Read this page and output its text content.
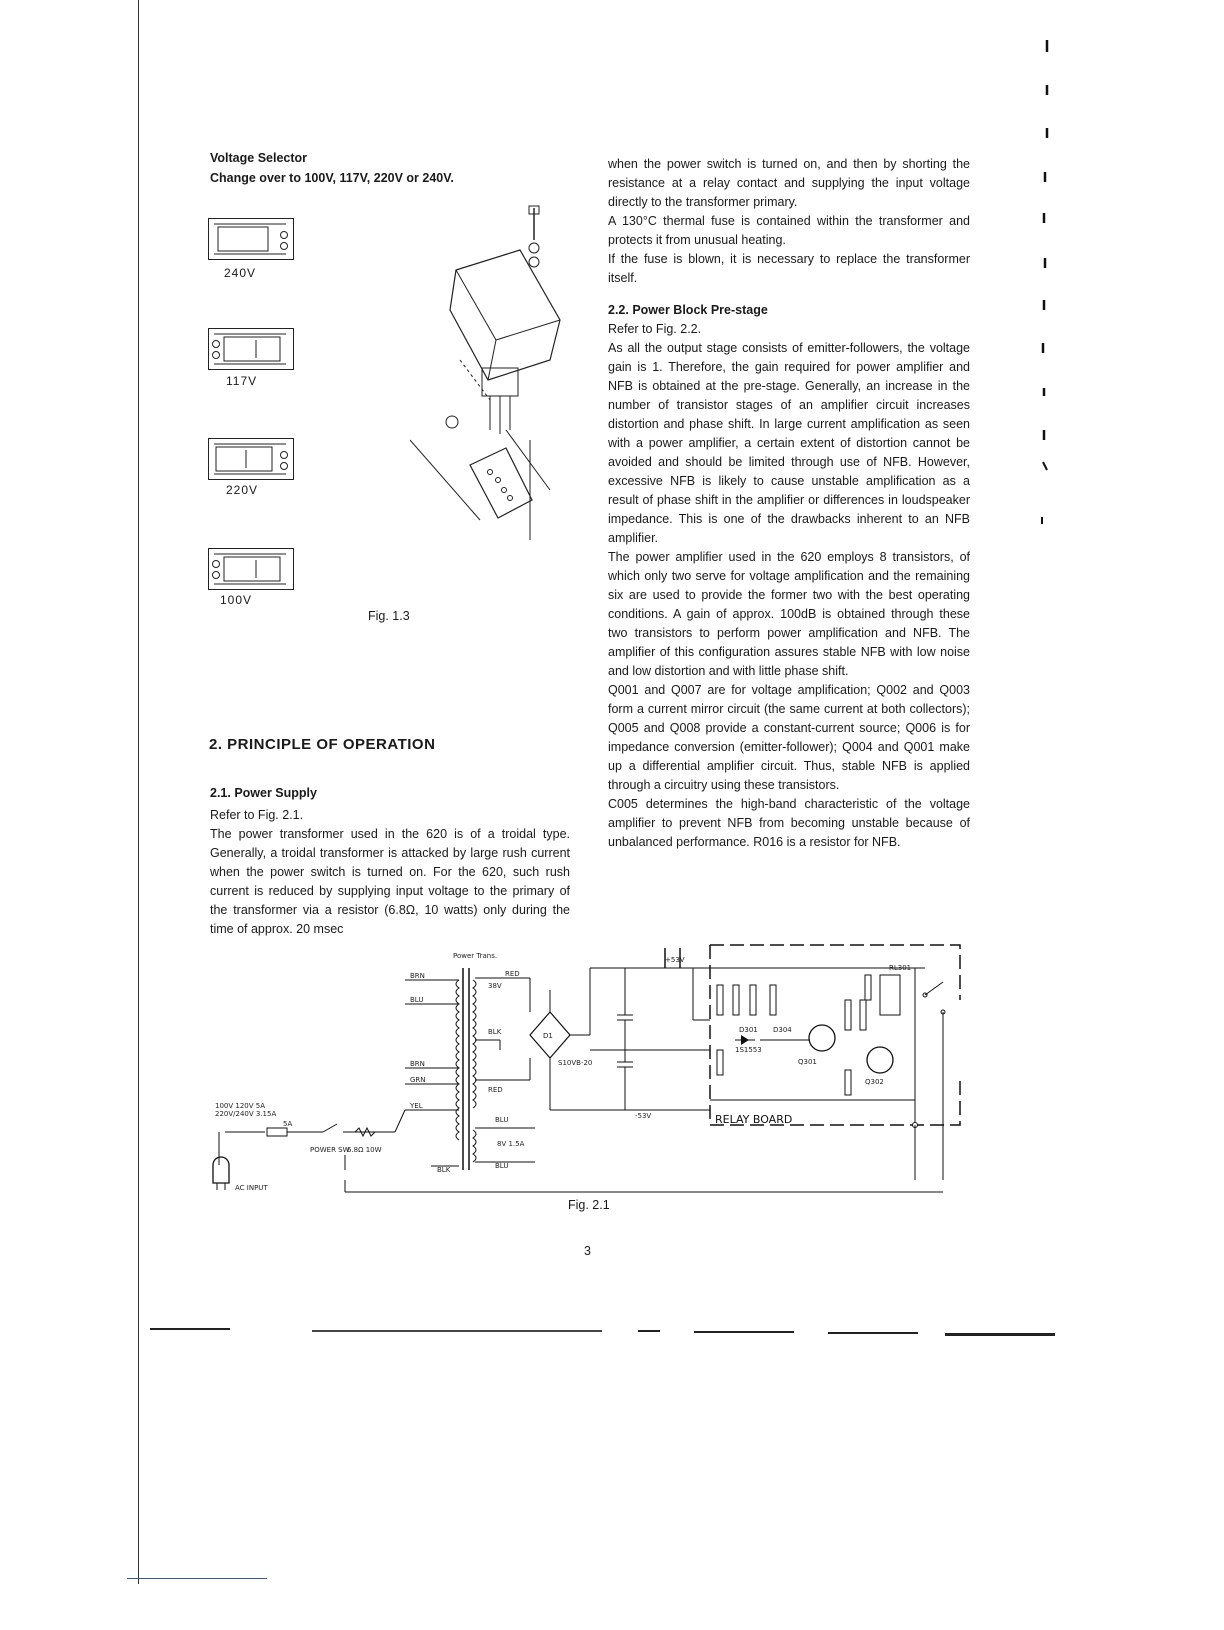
Voltage Selector
Change over to 100V, 117V, 220V or 240V.
240V
117V
220V
100V
Fig. 1.3
2. PRINCIPLE OF OPERATION
2.1. Power Supply
Refer to Fig. 2.1.
The power transformer used in the 620 is of a troidal type. Generally, a troidal transformer is attacked by large rush current when the power switch is turned on. For the 620, such rush current is reduced by supplying input voltage to the primary of the transformer via a resistor (6.8Ω, 10 watts) only during the time of approx. 20 msec

when the power switch is turned on, and then by shorting the resistance at a relay contact and supplying the input voltage directly to the transformer primary.

A 130°C thermal fuse is contained within the transformer and protects it from unusual heating.

If the fuse is blown, it is necessary to replace the transformer itself.

2.2. Power Block Pre-stage

Refer to Fig. 2.2.

As all the output stage consists of emitter-followers, the voltage gain is 1. Therefore, the gain required for power amplifier and NFB is obtained at the pre-stage. Generally, an increase in the number of transistor stages of an amplifier circuit increases distortion and phase shift. In large current amplification as seen with a power amplifier, a certain extent of distortion cannot be avoided and should be limited through use of NFB. However, excessive NFB is likely to cause unstable amplification as a result of phase shift in the amplifier or differences in loudspeaker impedance. This is one of the drawbacks inherent to an NFB amplifier.

The power amplifier used in the 620 employs 8 transistors, of which only two serve for voltage amplification and the remaining six are used to provide the former two with the best operating conditions. A gain of approx. 100dB is obtained through these two transistors to perform power amplification and NFB. The amplifier of this configuration assures stable NFB with low noise and low distortion and with little phase shift.

Q001 and Q007 are for voltage amplification; Q002 and Q003 form a current mirror circuit (the same current at both collectors); Q005 and Q008 provide a constant-current source; Q006 is for impedance conversion (emitter-follower); Q004 and Q001 make up a differential amplifier circuit. Thus, stable NFB is applied through a circuitry using these transistors.

C005 determines the high-band characteristic of the voltage amplifier to prevent NFB from becoming unstable because of unbalanced performance. R016 is a resistor for NFB.

RELAY BOARD
Power Trans.
BRN
BLU
BRN
GRN
YEL
BLK
RED
38V
BLK
RED
BLU
8V 1.5A
BLU
D1
S10VB-20
+53V
-53V
D301
1S1553
D304
Q301
Q302
RL301
100V 120V 5A
220V/240V 3.15A
5A
POWER SW
6.8Ω 10W
AC INPUT
Fig. 2.1
3
